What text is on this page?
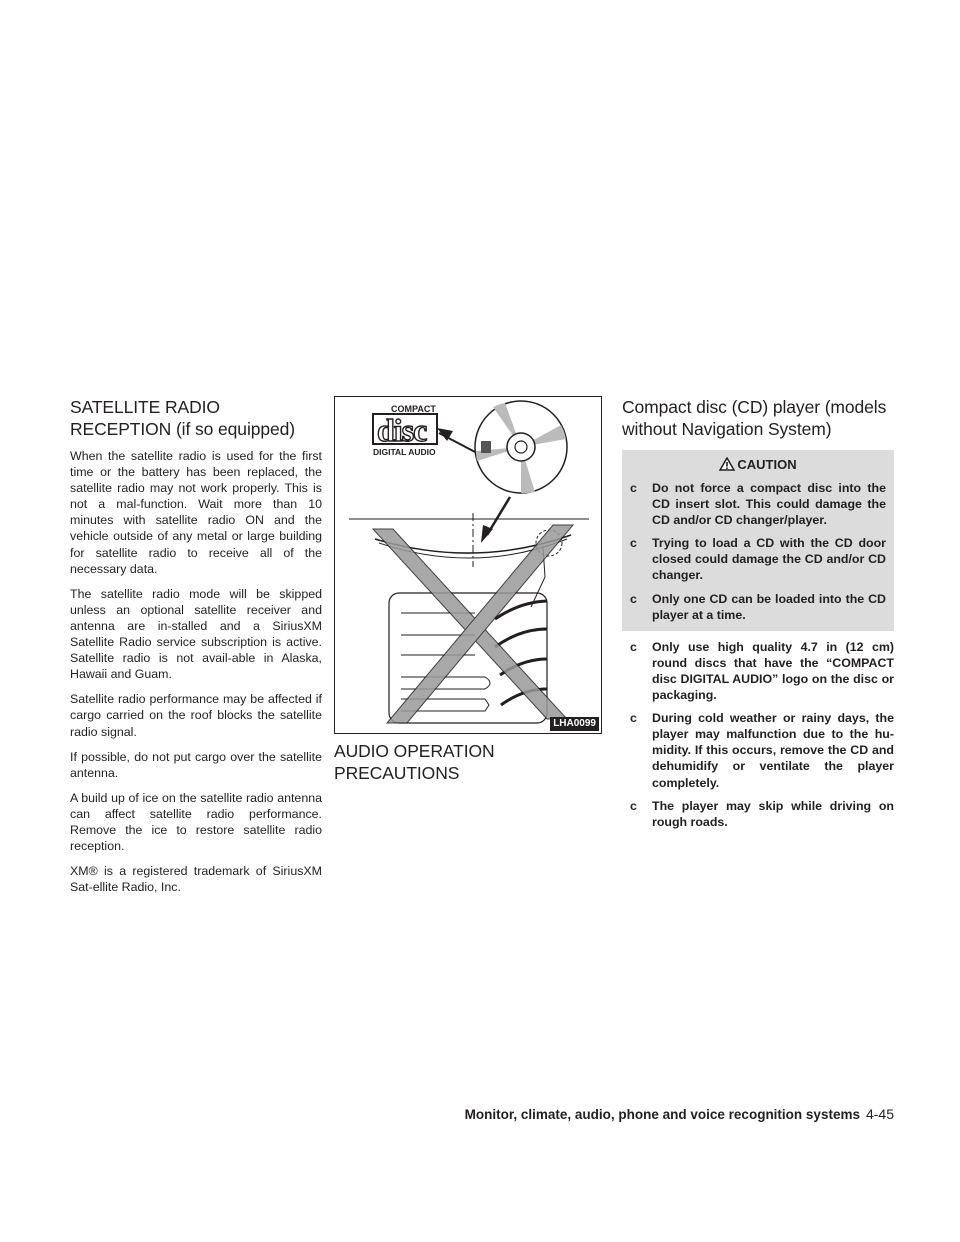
SATELLITE RADIO RECEPTION (if so equipped)

When the satellite radio is used for the first time or the battery has been replaced, the satellite radio may not work properly. This is not a mal-function. Wait more than 10 minutes with satellite radio ON and the vehicle outside of any metal or large building for satellite radio to receive all of the necessary data.

The satellite radio mode will be skipped unless an optional satellite receiver and antenna are in-stalled and a SiriusXM Satellite Radio service subscription is active. Satellite radio is not avail-able in Alaska, Hawaii and Guam.

Satellite radio performance may be affected if cargo carried on the roof blocks the satellite radio signal.

If possible, do not put cargo over the satellite antenna.

A build up of ice on the satellite radio antenna can affect satellite radio performance. Remove the ice to restore satellite radio reception.

XM® is a registered trademark of SiriusXM Sat-ellite Radio, Inc.

COMPACT
disc
DIGITAL AUDIO
LHA0099
AUDIO OPERATION PRECAUTIONS
Compact disc (CD) player (models without Navigation System)
CAUTION
c Do not force a compact disc into the CD insert slot. This could damage the CD and/or CD changer/player.
c Trying to load a CD with the CD door closed could damage the CD and/or CD changer.
c Only one CD can be loaded into the CD player at a time.
c Only use high quality 4.7 in (12 cm) round discs that have the “COMPACT disc DIGITAL AUDIO” logo on the disc or packaging.
c During cold weather or rainy days, the player may malfunction due to the hu-midity. If this occurs, remove the CD and dehumidify or ventilate the player completely.
c The player may skip while driving on rough roads.
Monitor, climate, audio, phone and voice recognition systems 4-45
